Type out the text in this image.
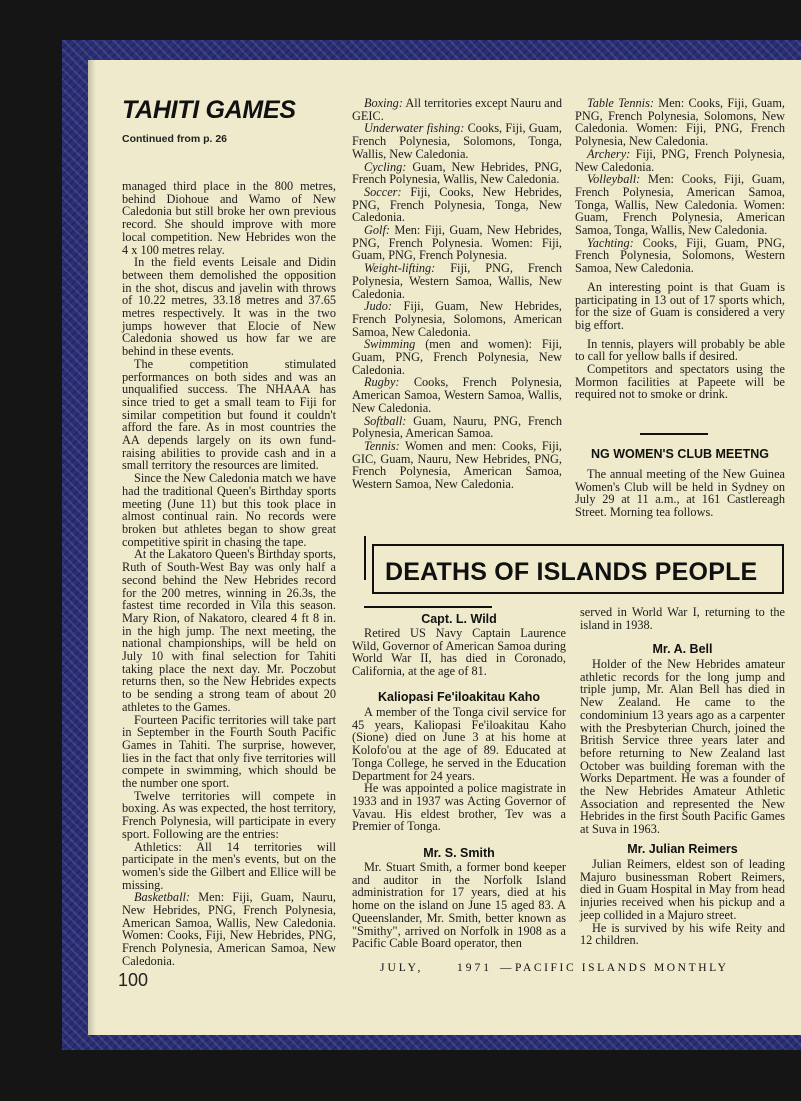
TAHITI GAMES
Continued from p. 26

managed third place in the 800 metres, behind Diohoue and Wamo of New Caledonia but still broke her own previous record. She should improve with more local competition. New Hebrides won the 4 x 100 metres relay.

In the field events Leisale and Didin between them demolished the opposition in the shot, discus and javelin with throws of 10.22 metres, 33.18 metres and 37.65 metres respectively. It was in the two jumps however that Elocie of New Caledonia showed us how far we are behind in these events.

The competition stimulated performances on both sides and was an unqualified success. The NHAAA has since tried to get a small team to Fiji for similar competition but found it couldn't afford the fare. As in most countries the AA depends largely on its own fund-raising abilities to provide cash and in a small territory the resources are limited.

Since the New Caledonia match we have had the traditional Queen's Birthday sports meeting (June 11) but this took place in almost continual rain. No records were broken but athletes began to show great competitive spirit in chasing the tape.

At the Lakatoro Queen's Birthday sports, Ruth of South-West Bay was only half a second behind the New Hebrides record for the 200 metres, winning in 26.3s, the fastest time recorded in Vila this season. Mary Rion, of Nakatoro, cleared 4 ft 8 in. in the high jump. The next meeting, the national championships, will be held on July 10 with final selection for Tahiti taking place the next day. Mr. Poczobut returns then, so the New Hebrides expects to be sending a strong team of about 20 athletes to the Games.

Fourteen Pacific territories will take part in September in the Fourth South Pacific Games in Tahiti. The surprise, however, lies in the fact that only five territories will compete in swimming, which should be the number one sport.

Twelve territories will compete in boxing. As was expected, the host territory, French Polynesia, will participate in every sport. Following are the entries:

Athletics: All 14 territories will participate in the men's events, but on the women's side the Gilbert and Ellice will be missing.

Basketball: Men: Fiji, Guam, Nauru, New Hebrides, PNG, French Polynesia, American Samoa, Wallis, New Caledonia. Women: Cooks, Fiji, New Hebrides, PNG, French Polynesia, American Samoa, New Caledonia.

Boxing: All territories except Nauru and GEIC.

Underwater fishing: Cooks, Fiji, Guam, French Polynesia, Solomons, Tonga, Wallis, New Caledonia.

Cycling: Guam, New Hebrides, PNG, French Polynesia, Wallis, New Caledonia.

Soccer: Fiji, Cooks, New Hebrides, PNG, French Polynesia, Tonga, New Caledonia.

Golf: Men: Fiji, Guam, New Hebrides, PNG, French Polynesia. Women: Fiji, Guam, PNG, French Polynesia.

Weight-lifting: Fiji, PNG, French Polynesia, Western Samoa, Wallis, New Caledonia.

Judo: Fiji, Guam, New Hebrides, French Polynesia, Solomons, American Samoa, New Caledonia.

Swimming (men and women): Fiji, Guam, PNG, French Polynesia, New Caledonia.

Rugby: Cooks, French Polynesia, American Samoa, Western Samoa, Wallis, New Caledonia.

Softball: Guam, Nauru, PNG, French Polynesia, American Samoa.

Tennis: Women and men: Cooks, Fiji, GIC, Guam, Nauru, New Hebrides, PNG, French Polynesia, American Samoa, Western Samoa, New Caledonia.

Table Tennis: Men: Cooks, Fiji, Guam, PNG, French Polynesia, Solomons, New Caledonia. Women: Fiji, PNG, French Polynesia, New Caledonia.

Archery: Fiji, PNG, French Polynesia, New Caledonia.

Volleyball: Men: Cooks, Fiji, Guam, French Polynesia, American Samoa, Tonga, Wallis, New Caledonia. Women: Guam, French Polynesia, American Samoa, Tonga, Wallis, New Caledonia.

Yachting: Cooks, Fiji, Guam, PNG, French Polynesia, Solomons, Western Samoa, New Caledonia.

An interesting point is that Guam is participating in 13 out of 17 sports which, for the size of Guam is considered a very big effort.

In tennis, players will probably be able to call for yellow balls if desired.

Competitors and spectators using the Mormon facilities at Papeete will be required not to smoke or drink.

NG WOMEN'S CLUB MEETNG

The annual meeting of the New Guinea Women's Club will be held in Sydney on July 29 at 11 a.m., at 161 Castlereagh Street. Morning tea follows.

DEATHS OF ISLANDS PEOPLE
Capt. L. Wild

Retired US Navy Captain Laurence Wild, Governor of American Samoa during World War II, has died in Coronado, California, at the age of 81.

Kaliopasi Fe'iloakitau Kaho

A member of the Tonga civil service for 45 years, Kaliopasi Fe'iloakitau Kaho (Sione) died on June 3 at his home at Kolofo'ou at the age of 89. Educated at Tonga College, he served in the Education Department for 24 years.

He was appointed a police magistrate in 1933 and in 1937 was Acting Governor of Vavau. His eldest brother, Tev was a Premier of Tonga.

Mr. S. Smith

Mr. Stuart Smith, a former bond keeper and auditor in the Norfolk Island administration for 17 years, died at his home on the island on June 15 aged 83. A Queenslander, Mr. Smith, better known as "Smithy", arrived on Norfolk in 1908 as a Pacific Cable Board operator, then

served in World War I, returning to the island in 1938.

Mr. A. Bell

Holder of the New Hebrides amateur athletic records for the long jump and triple jump, Mr. Alan Bell has died in New Zealand. He came to the condominium 13 years ago as a carpenter with the Presbyterian Church, joined the British Service three years later and before returning to New Zealand last October was building foreman with the Works Department. He was a founder of the New Hebrides Amateur Athletic Association and represented the New Hebrides in the first South Pacific Games at Suva in 1963.

Mr. Julian Reimers

Julian Reimers, eldest son of leading Majuro businessman Robert Reimers, died in Guam Hospital in May from head injuries received when his pickup and a jeep collided in a Majuro street.

He is survived by his wife Reity and 12 children.

100
JULY,	1971 — PACIFIC ISLANDS MONTHLY
